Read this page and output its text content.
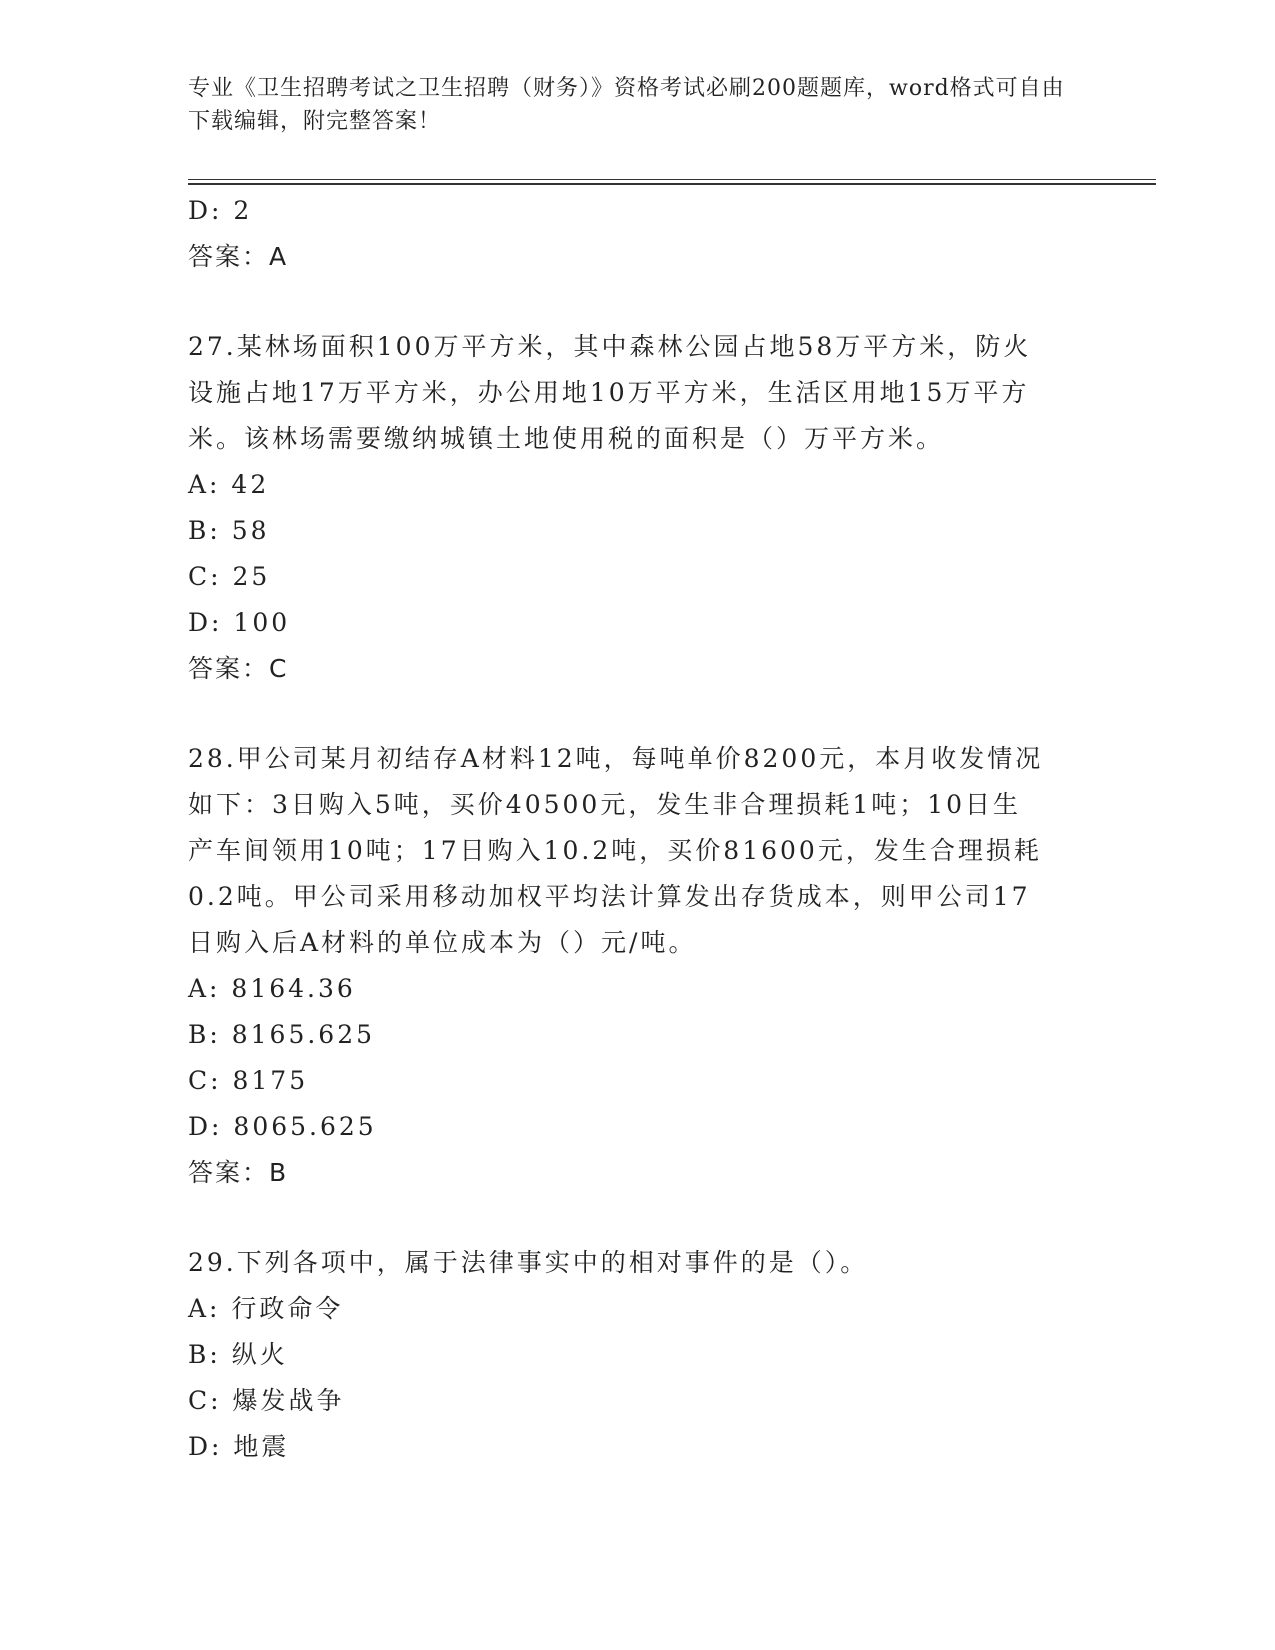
专业《卫生招聘考试之卫生招聘（财务）》资格考试必刷200题题库，word格式可自由下载编辑，附完整答案！
D: 2
答案：A
27.某林场面积100万平方米，其中森林公园占地58万平方米，防火
设施占地17万平方米，办公用地10万平方米，生活区用地15万平方
米。该林场需要缴纳城镇土地使用税的面积是（）万平方米。
A: 42
B: 58
C: 25
D: 100
答案：C
28.甲公司某月初结存A材料12吨，每吨单价8200元，本月收发情况
如下：3日购入5吨，买价40500元，发生非合理损耗1吨；10日生
产车间领用10吨；17日购入10.2吨，买价81600元，发生合理损耗
0.2吨。甲公司采用移动加权平均法计算发出存货成本，则甲公司17
日购入后A材料的单位成本为（）元/吨。
A: 8164.36
B: 8165.625
C: 8175
D: 8065.625
答案：B
29.下列各项中，属于法律事实中的相对事件的是（）。
A: 行政命令
B: 纵火
C: 爆发战争
D: 地震
